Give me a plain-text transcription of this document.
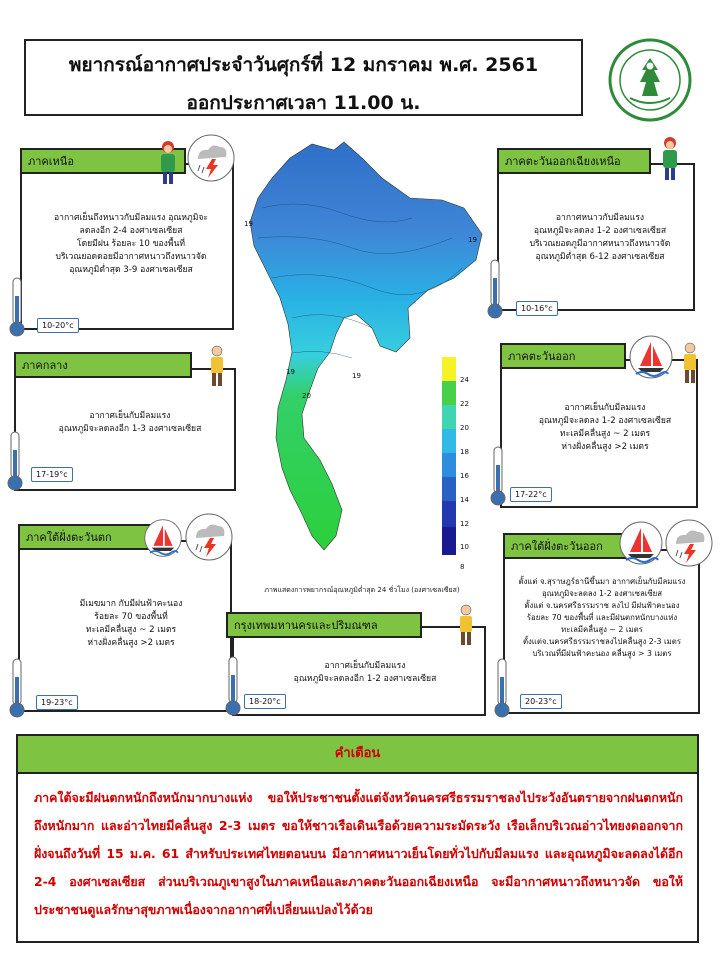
พยากรณ์อากาศประจำวันศุกร์ที่ 12 มกราคม พ.ศ. 2561
ออกประกาศเวลา 11.00 น.
19
19
19
19
20
24
22
20
18
16
14
12
10
8
ภาพแสดงการพยากรณ์อุณหภูมิต่ำสุด 24 ชั่วโมง (องศาเซลเซียส)
ภาคเหนือ
อากาศเย็นถึงหนาวกับมีลมแรง อุณหภูมิจะ
ลดลงอีก 2-4 องศาเซลเซียส
โดยมีฝน ร้อยละ 10 ของพื้นที่
บริเวณยอดดอยมีอากาศหนาวถึงหนาวจัด
อุณหภูมิต่ำสุด 3-9 องศาเซลเซียส
10-20°c
ภาคตะวันออกเฉียงเหนือ
อากาศหนาวกับมีลมแรง
อุณหภูมิจะลดลง 1-2 องศาเซลเซียส
บริเวณยอดภูมีอากาศหนาวถึงหนาวจัด
อุณหภูมิต่ำสุด 6-12 องศาเซลเซียส
10-16°c
ภาคกลาง
อากาศเย็นกับมีลมแรง
อุณหภูมิจะลดลงอีก 1-3 องศาเซลเซียส
17-19°c
ภาคตะวันออก
อากาศเย็นกับมีลมแรง
อุณหภูมิจะลดลง 1-2 องศาเซลเซียส
ทะเลมีคลื่นสูง ~ 2 เมตร
ห่างฝั่งคลื่นสูง >2 เมตร
17-22°c
ภาคใต้ฝั่งตะวันตก
มีเมฆมาก กับมีฝนฟ้าคะนอง
ร้อยละ 70 ของพื้นที่
ทะเลมีคลื่นสูง ~ 2 เมตร
ห่างฝั่งคลื่นสูง >2 เมตร
19-23°c
กรุงเทพมหานครและปริมณฑล
อากาศเย็นกับมีลมแรง
อุณหภูมิจะลดลงอีก 1-2 องศาเซลเซียส
18-20°c
ภาคใต้ฝั่งตะวันออก
ตั้งแต่ จ.สุราษฎร์ธานีขึ้นมา อากาศเย็นกับมีลมแรง
อุณหภูมิจะลดลง 1-2 องศาเซลเซียส
ตั้งแต่ จ.นครศรีธรรมราช ลงไป มีฝนฟ้าคะนอง
ร้อยละ 70 ของพื้นที่ และมีฝนตกหนักบางแห่ง
ทะเลมีคลื่นสูง ~ 2 เมตร
ตั้งแต่จ.นครศรีธรรมราชลงไปคลื่นสูง 2-3 เมตร
บริเวณที่มีฝนฟ้าคะนอง คลื่นสูง > 3 เมตร
20-23°c
คำเตือน
ภาคใต้จะมีฝนตกหนักถึงหนักมากบางแห่ง ขอให้ประชาชนตั้งแต่จังหวัดนครศรีธรรมราชลงไประวังอันตรายจากฝนตกหนักถึงหนักมาก และอ่าวไทยมีคลื่นสูง 2-3 เมตร ขอให้ชาวเรือเดินเรือด้วยความระมัดระวัง เรือเล็กบริเวณอ่าวไทยงดออกจากฝั่งจนถึงวันที่ 15 ม.ค. 61 สำหรับประเทศไทยตอนบน มีอากาศหนาวเย็นโดยทั่วไปกับมีลมแรง และอุณหภูมิจะลดลงได้อีก 2-4 องศาเซลเซียส ส่วนบริเวณภูเขาสูงในภาคเหนือและภาคตะวันออกเฉียงเหนือ จะมีอากาศหนาวถึงหนาวจัด ขอให้ประชาชนดูแลรักษาสุขภาพเนื่องจากอากาศที่เปลี่ยนแปลงไว้ด้วย
